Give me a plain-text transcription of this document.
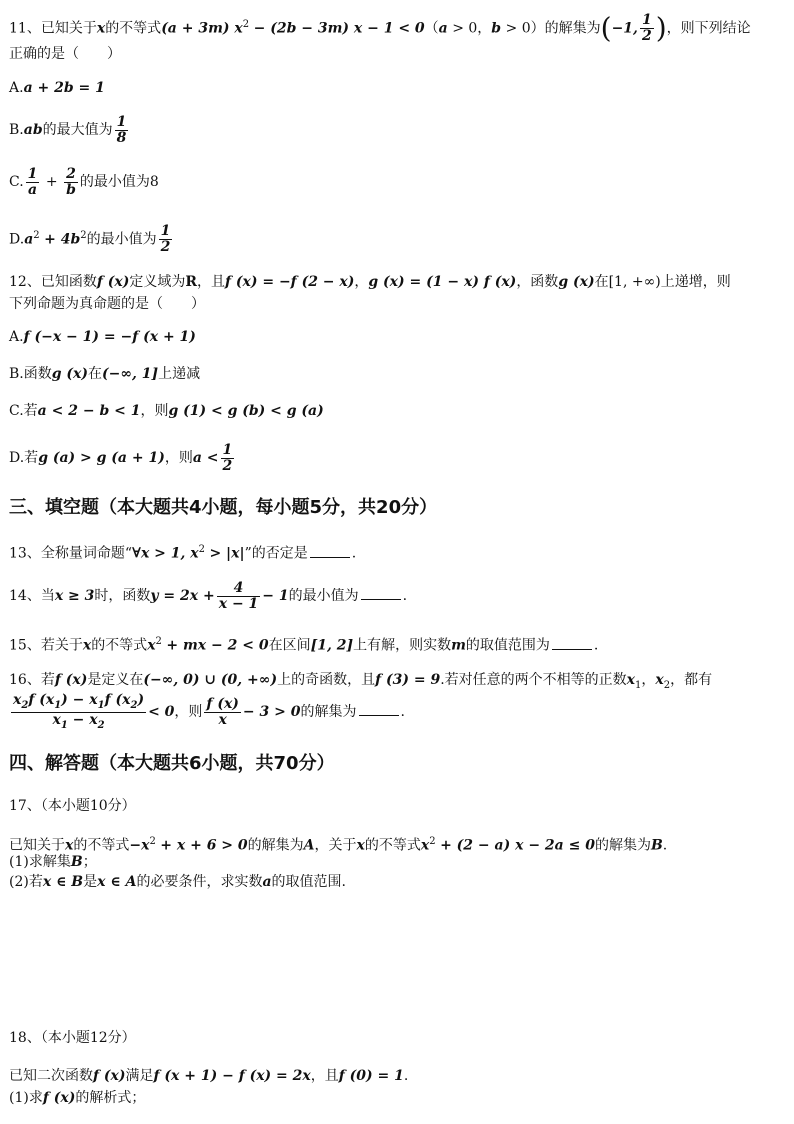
11、已知关于x的不等式(a + 3m) $x^2 - (2b - 3m) x - 1 < 0(a > 0$，b > 0）的解集为(−1, $\frac{1}{2}$ )，则下列结论
正确的是（　　）
A.a + 2b = 1
B.ab的最大值为 $\frac{1}{8}$
C. $\frac{1}{a} + \frac{2}{b}$ 的最小值为8
$D.a^2 + 4b^2$的最小值为 $\frac{1}{2}$
12、已知函数f (x)定义域为R，且f (x) = −f (2 − x)，g (x) = (1 − x) f (x)，函数g (x)在[1, +∞)上递增，则
下列命题为真命题的是（　　）
A.f (−x − 1) = −f (x + 1)
B.函数g (x)在(−∞, 1]上递减
C.若a < 2 − b < 1，则g (1) < g (b) < g (a)
D.若g (a) > g (a + 1)，则$a < \frac{1}{2}$
三、填空题（本大题共4小题，每小题5分，共20分）
13、全称量词命题“∀x > 1, $x^2 > |x|$”的否定是	.
14、当x ≥ 3时，函数$y = 2x + \frac{4}{x - 1} - 1$的最小值为	.
15、若关于x的不等式$x^2$ + mx − 2 < 0在区间[1, 2]上有解，则实数m的取值范围为	.
16、若f (x)是定义在(−∞, 0) ∪ (0, +∞)上的奇函数，且f (3) = 9.若对任意的两个不相等的正数$x_1$，$x_2$，都有
$\frac{x_2f (x_1) - x_1f (x_2)}{x_1 - x_2} < 0$，则 $\frac{f (x)}{x} - 3 > 0$的解集为	.
四、解答题（本大题共6小题，共70分）
17、（本小题10分）
已知关于x的不等式$-x^2 + x + 6 > 0$的解集为A，关于x的不等式$x^2 + (2 - a) x - 2a \le 0$的解集为B.
(1)求解集B；
(2)若x ∈ B是x ∈ A的必要条件，求实数a的取值范围.
18、（本小题12分）
已知二次函数f (x)满足f (x + 1) − f (x) = 2x，且f (0) = 1.
(1)求f (x)的解析式；
